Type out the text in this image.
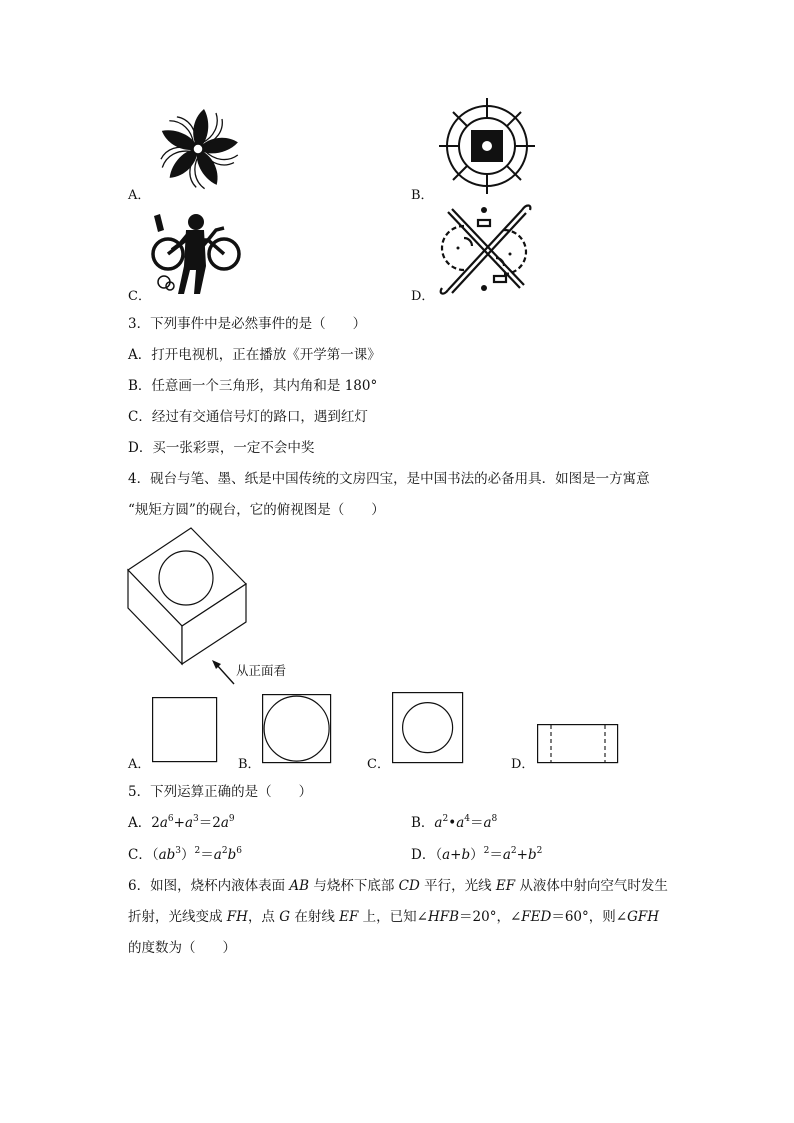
A．	B．
C．	D．
3．下列事件中是必然事件的是（　　）
A．打开电视机，正在播放《开学第一课》
B．任意画一个三角形，其内角和是 180°
C．经过有交通信号灯的路口，遇到红灯
D．买一张彩票，一定不会中奖
4．砚台与笔、墨、纸是中国传统的文房四宝，是中国书法的必备用具．如图是一方寓意
“规矩方圆”的砚台，它的俯视图是（　　）
从正面看
A．	B．	C．	D．
5．下列运算正确的是（　　）
A．$2a^6+a^3=2a^9$	B．$a^2•a^4=a^8$
C．$(ab^3)^2=a^2b^6$	D．$(a+b)^2=a^2+b^2$
6．如图，烧杯内液体表面 AB 与烧杯下底部 CD 平行，光线 EF 从液体中射向空气时发生
折射，光线变成 FH，点 G 在射线 EF 上，已知∠HFB＝20°，∠FED＝60°，则∠GFH
的度数为（　　）
